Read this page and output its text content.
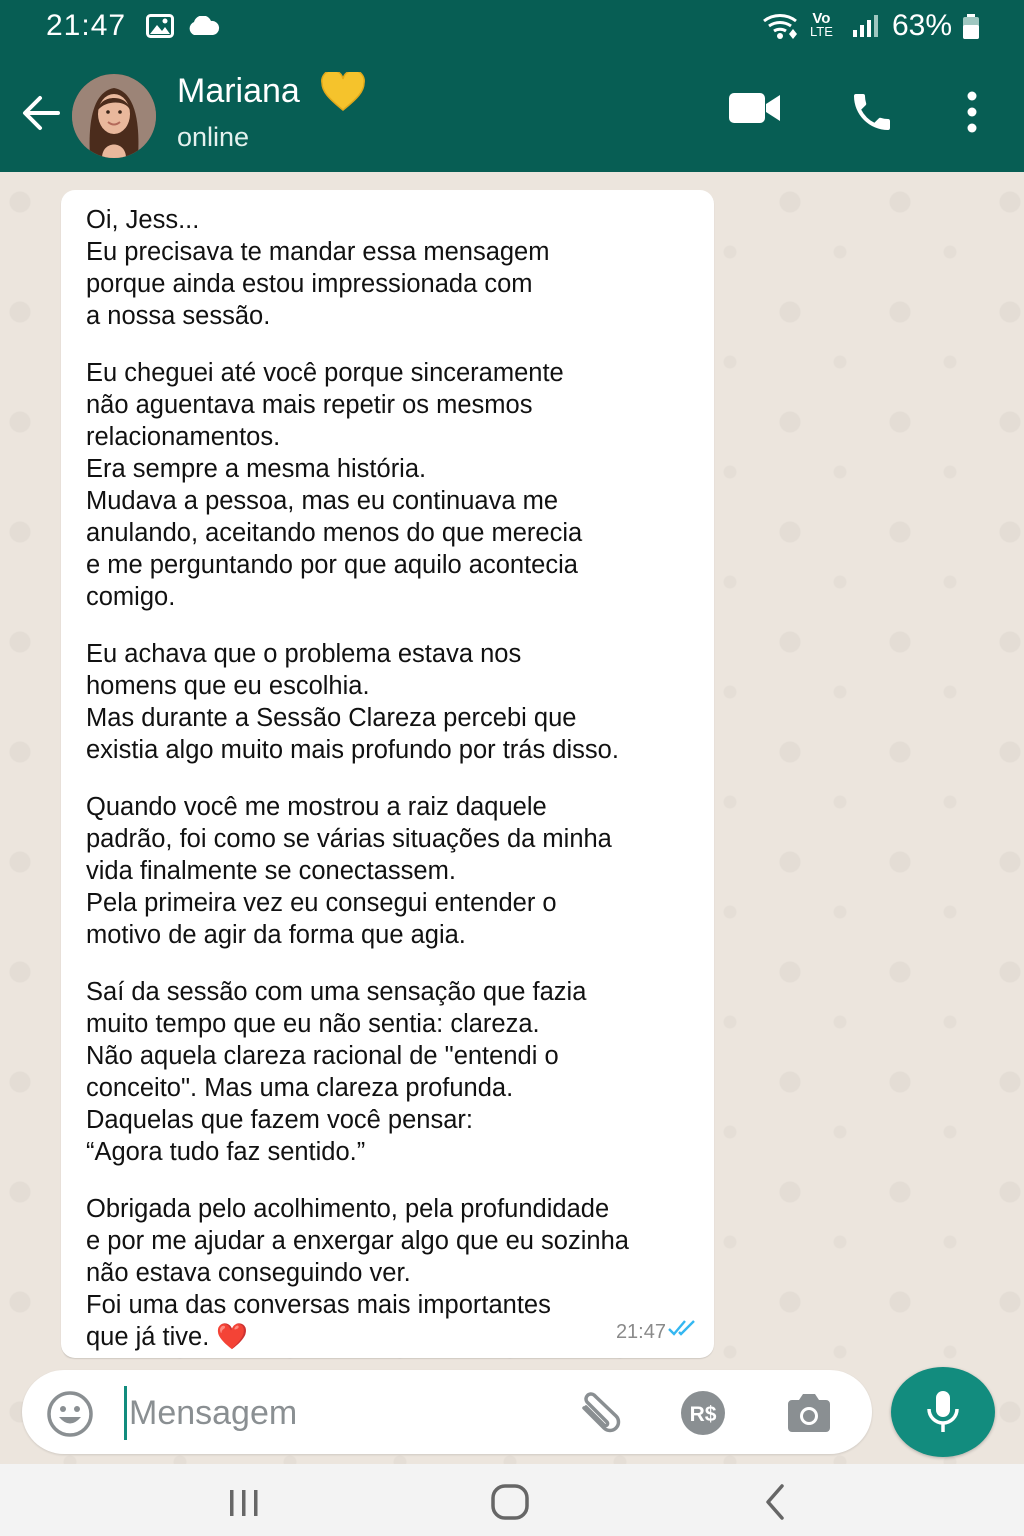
21:47	Vo
LTE 63%
Mariana
online

Oi, Jess...
Eu precisava te mandar essa mensagem
porque ainda estou impressionada com
a nossa sessão.

Eu cheguei até você porque sinceramente
não aguentava mais repetir os mesmos
relacionamentos.
Era sempre a mesma história.
Mudava a pessoa, mas eu continuava me
anulando, aceitando menos do que merecia
e me perguntando por que aquilo acontecia
comigo.

Eu achava que o problema estava nos
homens que eu escolhia.
Mas durante a Sessão Clareza percebi que
existia algo muito mais profundo por trás disso.

Quando você me mostrou a raiz daquele
padrão, foi como se várias situações da minha
vida finalmente se conectassem.
Pela primeira vez eu consegui entender o
motivo de agir da forma que agia.

Saí da sessão com uma sensação que fazia
muito tempo que eu não sentia: clareza.
Não aquela clareza racional de "entendi o
conceito". Mas uma clareza profunda.
Daquelas que fazem você pensar:
“Agora tudo faz sentido.”

Obrigada pelo acolhimento, pela profundidade
e por me ajudar a enxergar algo que eu sozinha
não estava conseguindo ver.
Foi uma das conversas mais importantes
que já tive. ❤️	21:47
Mensagem
R$
